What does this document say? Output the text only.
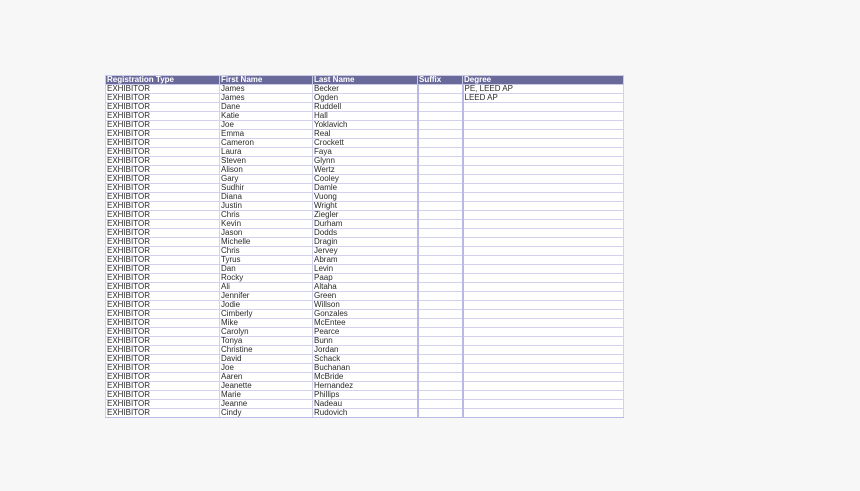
Registration Type	First Name	Last Name	Suffix	Degree
EXHIBITOR	James	Becker		PE, LEED AP
EXHIBITOR	James	Ogden		LEED AP
EXHIBITOR	Dane	Ruddell		
EXHIBITOR	Katie	Hall		
EXHIBITOR	Joe	Yoklavich		
EXHIBITOR	Emma	Real		
EXHIBITOR	Cameron	Crockett		
EXHIBITOR	Laura	Faya		
EXHIBITOR	Steven	Glynn		
EXHIBITOR	Alison	Wertz		
EXHIBITOR	Gary	Cooley		
EXHIBITOR	Sudhir	Damle		
EXHIBITOR	Diana	Vuong		
EXHIBITOR	Justin	Wright		
EXHIBITOR	Chris	Ziegler		
EXHIBITOR	Kevin	Durham		
EXHIBITOR	Jason	Dodds		
EXHIBITOR	Michelle	Dragin		
EXHIBITOR	Chris	Jervey		
EXHIBITOR	Tyrus	Abram		
EXHIBITOR	Dan	Levin		
EXHIBITOR	Rocky	Paap		
EXHIBITOR	Ali	Altaha		
EXHIBITOR	Jennifer	Green		
EXHIBITOR	Jodie	Willson		
EXHIBITOR	Cimberly	Gonzales		
EXHIBITOR	Mike	McEntee		
EXHIBITOR	Carolyn	Pearce		
EXHIBITOR	Tonya	Bunn		
EXHIBITOR	Christine	Jordan		
EXHIBITOR	David	Schack		
EXHIBITOR	Joe	Buchanan		
EXHIBITOR	Aaren	McBride		
EXHIBITOR	Jeanette	Hernandez		
EXHIBITOR	Marie	Phillips		
EXHIBITOR	Jeanne	Nadeau		
EXHIBITOR	Cindy	Rudovich		
